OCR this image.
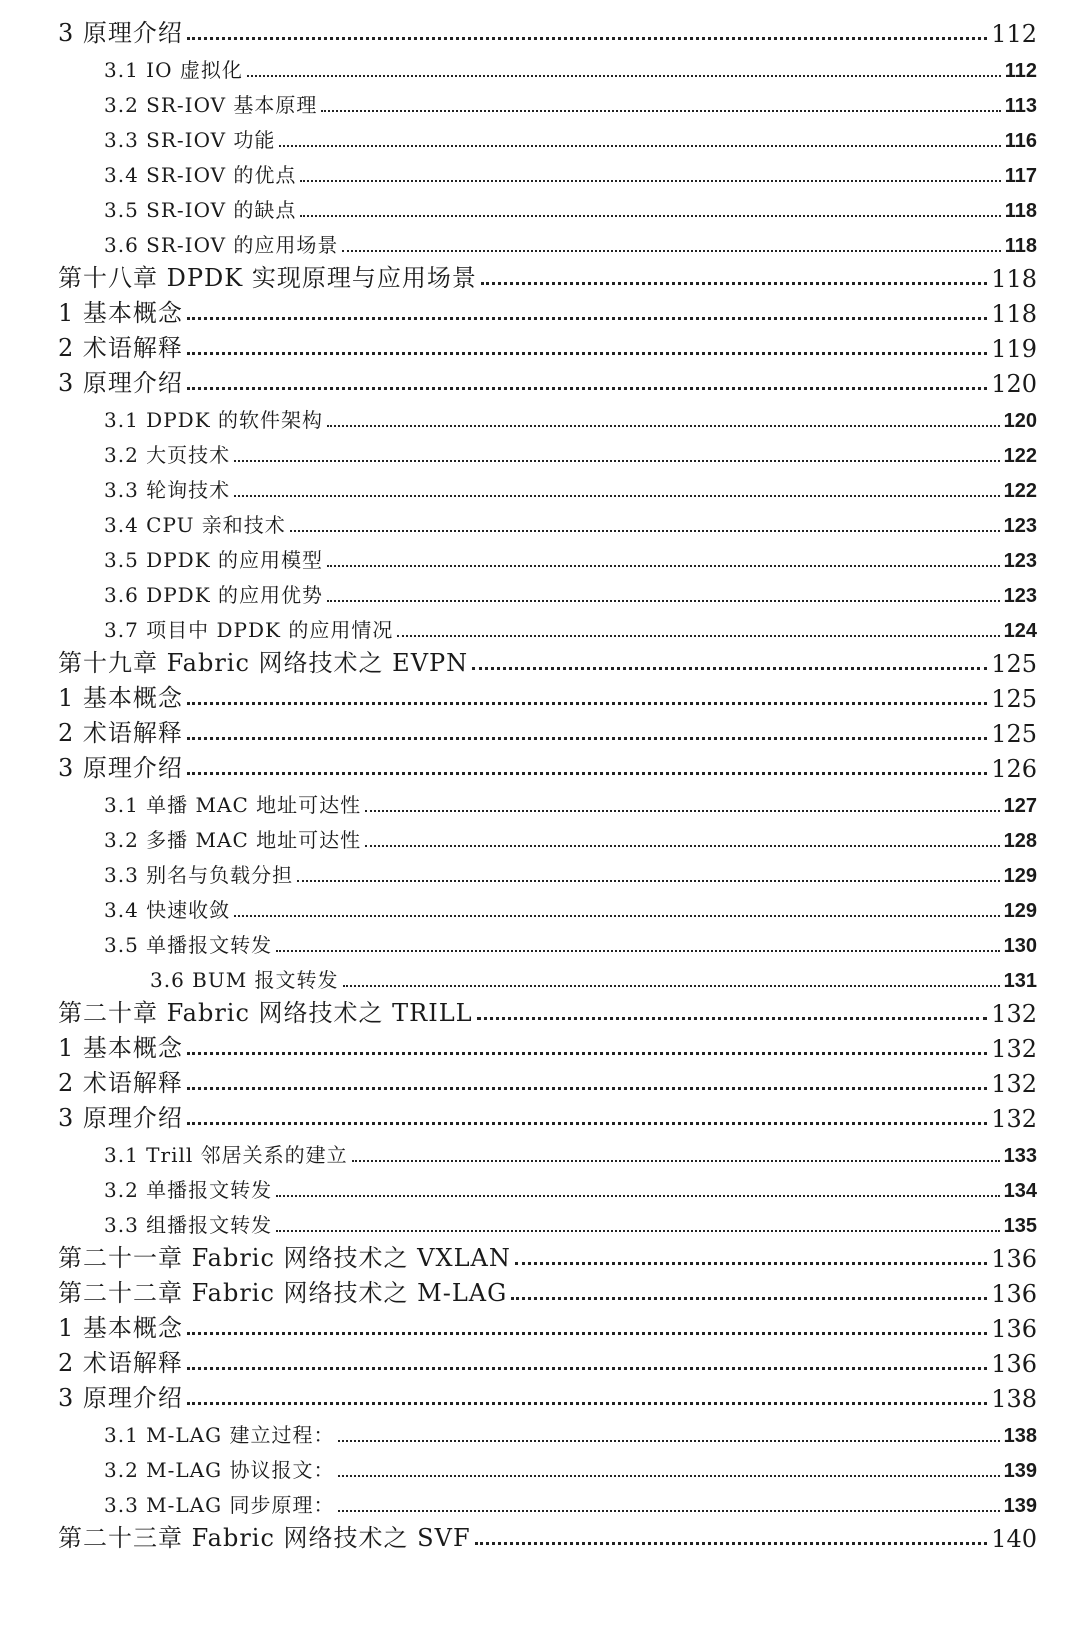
3 原理介绍	112
3.1 IO 虚拟化	112
3.2 SR-IOV 基本原理	113
3.3 SR-IOV 功能	116
3.4 SR-IOV 的优点	117
3.5 SR-IOV 的缺点	118
3.6 SR-IOV 的应用场景	118
第十八章 DPDK 实现原理与应用场景	118
1 基本概念	118
2 术语解释	119
3 原理介绍	120
3.1 DPDK 的软件架构	120
3.2 大页技术	122
3.3 轮询技术	122
3.4 CPU 亲和技术	123
3.5 DPDK 的应用模型	123
3.6 DPDK 的应用优势	123
3.7 项目中 DPDK 的应用情况	124
第十九章 Fabric 网络技术之 EVPN	125
1 基本概念	125
2 术语解释	125
3 原理介绍	126
3.1 单播 MAC 地址可达性	127
3.2 多播 MAC 地址可达性	128
3.3 别名与负载分担	129
3.4 快速收敛	129
3.5 单播报文转发	130
3.6 BUM 报文转发	131
第二十章 Fabric 网络技术之 TRILL	132
1 基本概念	132
2 术语解释	132
3 原理介绍	132
3.1 Trill 邻居关系的建立	133
3.2 单播报文转发	134
3.3 组播报文转发	135
第二十一章 Fabric 网络技术之 VXLAN	136
第二十二章 Fabric 网络技术之 M-LAG	136
1 基本概念	136
2 术语解释	136
3 原理介绍	138
3.1 M-LAG 建立过程：	138
3.2 M-LAG 协议报文：	139
3.3 M-LAG 同步原理：	139
第二十三章 Fabric 网络技术之 SVF	140
